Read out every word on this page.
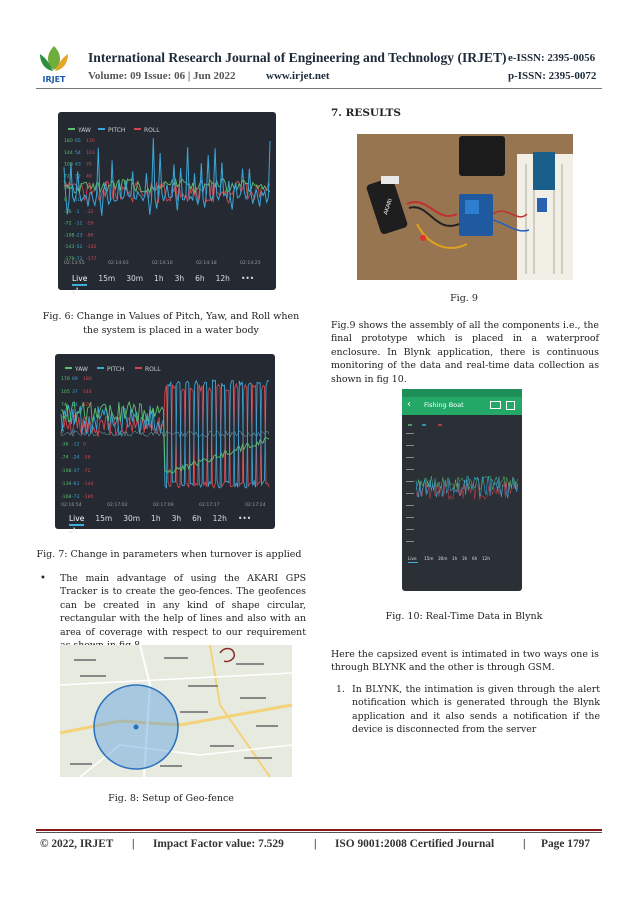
IRJET
International Research Journal of Engineering and Technology (IRJET) e-ISSN: 2395-0056
Volume: 09 Issue: 06 | Jun 2022	www.irjet.net	p-ISSN: 2395-0072
YAW	PITCH	ROLL
180 65 130
144 54 103
108 43 76
72 32 49
36 21 22
0 10 -5
-36 -1 -32
-72 -12 -59
-108 -23 -86
-143 -52 -142
-179 -73 -177
02:13:55	02:14:03	02:14:10	02:14:18	02:14:25
Live 15m 30m 1h 3h 6h 12h •••⤢
Fig. 6: Change in Values of Pitch, Yaw, and Roll when the system is placed in a water body
YAW	PITCH	ROLL
178 69 180
105 37 144
74 24 108
36 12 72
0 0 36
-36 -12 0
-74 -24 -36
-108 -37 -72
-139 -61 -144
-168 -73 -180
02:16:54	02:17:02	02:17:09	02:17:17	02:17:24
Live 15m 30m 1h 3h 6h 12h •••⤢
Fig. 7: Change in parameters when turnover is applied
• The main advantage of using the AKARI GPS Tracker is to create the geo-fences. The geofences can be created in any kind of shape circular, rectangular with the help of lines and also with an area of coverage with respect to our requirement
Fig. 8: Setup of Geo-fence
7. RESULTS
AKARI
Fig. 9
Fig.9 shows the assembly of all the components i.e., the final prototype which is placed in a waterproof enclosure. In Blynk application, there is continuous monitoring of the data and real-time data collection as shown in fig 10.
‹ Fishing Boat
Live 15m 30m 1h 3h 6h 12h
Fig. 10: Real-Time Data in Blynk
Here the capsized event is intimated in two ways one is through BLYNK and the other is through GSM.
1. In BLYNK, the intimation is given through the alert notification which is generated through the Blynk application and it also sends a notification if the device is disconnected from the server
© 2022, IRJET | Impact Factor value: 7.529	| ISO 9001:2008 Certified Journal	| Page 1797
